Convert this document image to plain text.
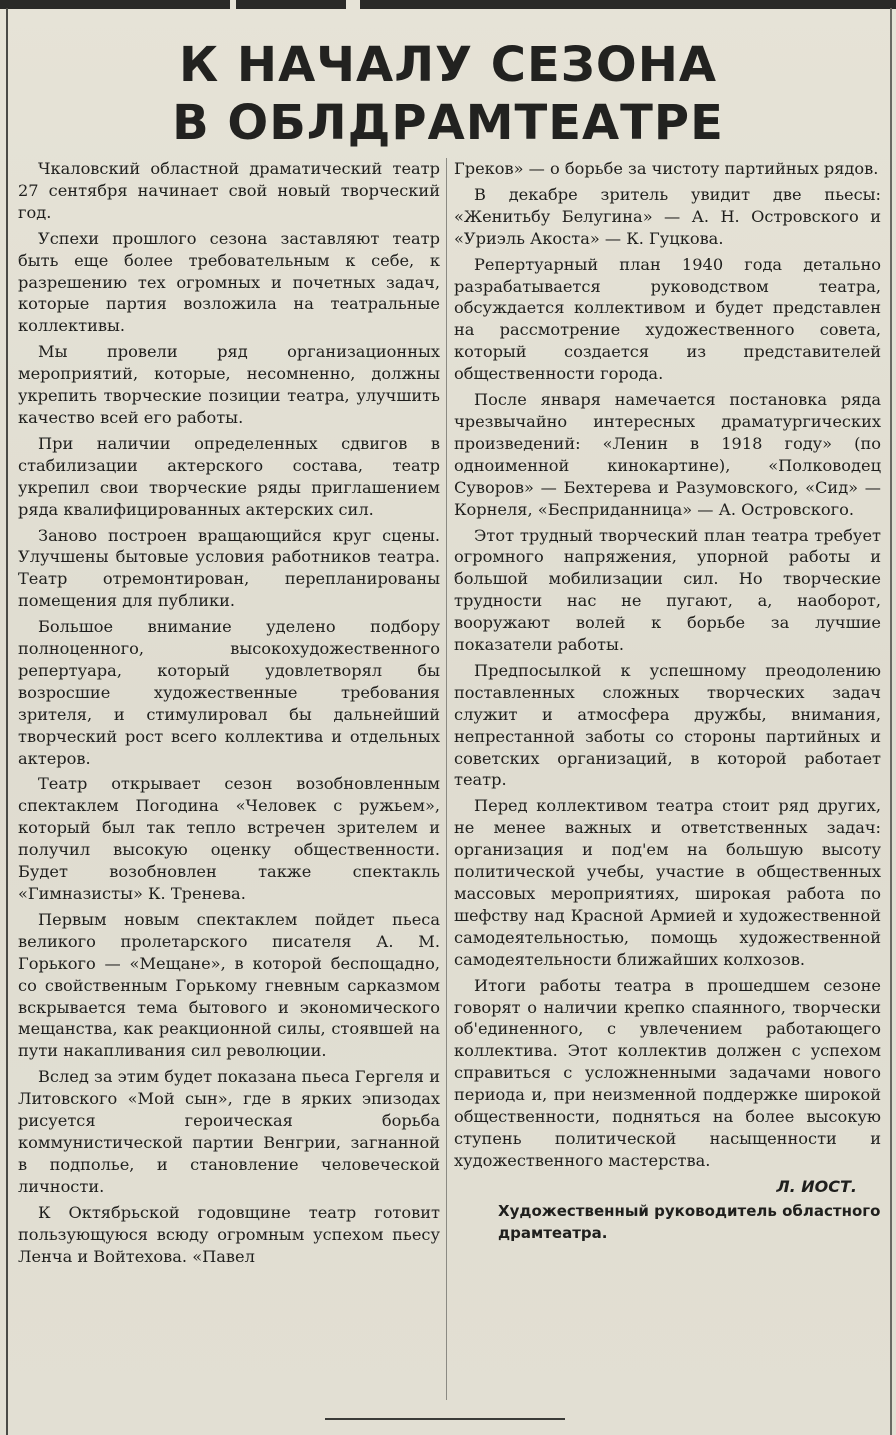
К НАЧАЛУ СЕЗОНА
В ОБЛДРАМТЕАТРЕ

Чкаловский областной драматический театр 27 сентября начинает свой новый творческий год.

Успехи прошлого сезона заставляют театр быть еще более требовательным к себе, к разрешению тех огромных и почетных задач, которые партия возложила на театральные коллективы.

Мы провели ряд организационных мероприятий, которые, несомненно, должны укрепить творческие позиции театра, улучшить качество всей его работы.

При наличии определенных сдвигов в стабилизации актерского состава, театр укрепил свои творческие ряды приглашением ряда квалифицированных актерских сил.

Заново построен вращающийся круг сцены. Улучшены бытовые условия работников театра. Театр отремонтирован, перепланированы помещения для публики.

Большое внимание уделено подбору полноценного, высокохудожественного репертуара, который удовлетворял бы возросшие художественные требования зрителя, и стимулировал бы дальнейший творческий рост всего коллектива и отдельных актеров.

Театр открывает сезон возобновленным спектаклем Погодина «Человек с ружьем», который был так тепло встречен зрителем и получил высокую оценку общественности. Будет возобновлен также спектакль «Гимназисты» К. Тренева.

Первым новым спектаклем пойдет пьеса великого пролетарского писателя А. М. Горького — «Мещане», в которой беспощадно, со свойственным Горькому гневным сарказмом вскрывается тема бытового и экономического мещанства, как реакционной силы, стоявшей на пути накапливания сил революции.

Вслед за этим будет показана пьеса Гергеля и Литовского «Мой сын», где в ярких эпизодах рисуется героическая борьба коммунистической партии Венгрии, загнанной в подполье, и становление человеческой личности.

К Октябрьской годовщине театр готовит пользующуюся всюду огромным успехом пьесу Ленча и Войтехова. «Павел

Греков» — о борьбе за чистоту партийных рядов.

В декабре зритель увидит две пьесы: «Женитьбу Белугина» — А. Н. Островского и «Уриэль Акоста» — К. Гуцкова.

Репертуарный план 1940 года детально разрабатывается руководством театра, обсуждается коллективом и будет представлен на рассмотрение художественного совета, который создается из представителей общественности города.

После января намечается постановка ряда чрезвычайно интересных драматургических произведений: «Ленин в 1918 году» (по одноименной кинокартине), «Полководец Суворов» — Бехтерева и Разумовского, «Сид» — Корнеля, «Бесприданница» — А. Островского.

Этот трудный творческий план театра требует огромного напряжения, упорной работы и большой мобилизации сил. Но творческие трудности нас не пугают, а, наоборот, вооружают волей к борьбе за лучшие показатели работы.

Предпосылкой к успешному преодолению поставленных сложных творческих задач служит и атмосфера дружбы, внимания, непрестанной заботы со стороны партийных и советских организаций, в которой работает театр.

Перед коллективом театра стоит ряд других, не менее важных и ответственных задач: организация и под'ем на большую высоту политической учебы, участие в общественных массовых мероприятиях, широкая работа по шефству над Красной Армией и художественной самодеятельностью, помощь художественной самодеятельности ближайших колхозов.

Итоги работы театра в прошедшем сезоне говорят о наличии крепко спаянного, творчески об'единенного, с увлечением работающего коллектива. Этот коллектив должен с успехом справиться с усложненными задачами нового периода и, при неизменной поддержке широкой общественности, подняться на более высокую ступень политической насыщенности и художественного мастерства.

Л. ИОСТ.
Художественный руководитель областного драмтеатра.
